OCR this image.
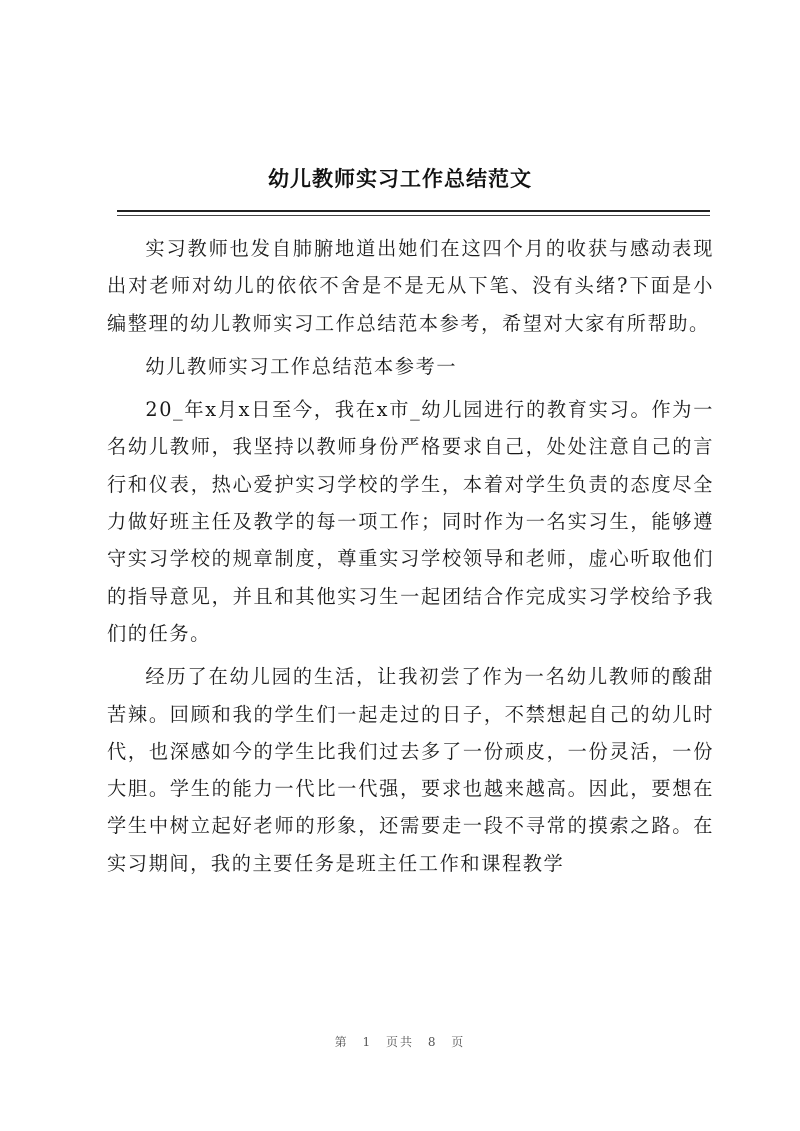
幼儿教师实习工作总结范文

实习教师也发自肺腑地道出她们在这四个月的收获与感动表现出对老师对幼儿的依依不舍是不是无从下笔、没有头绪?下面是小编整理的幼儿教师实习工作总结范本参考，希望对大家有所帮助。

幼儿教师实习工作总结范本参考一

20_年x月x日至今，我在x市_幼儿园进行的教育实习。作为一名幼儿教师，我坚持以教师身份严格要求自己，处处注意自己的言行和仪表，热心爱护实习学校的学生，本着对学生负责的态度尽全力做好班主任及教学的每一项工作；同时作为一名实习生，能够遵守实习学校的规章制度，尊重实习学校领导和老师，虚心听取他们的指导意见，并且和其他实习生一起团结合作完成实习学校给予我们的任务。

经历了在幼儿园的生活，让我初尝了作为一名幼儿教师的酸甜苦辣。回顾和我的学生们一起走过的日子，不禁想起自己的幼儿时代，也深感如今的学生比我们过去多了一份顽皮，一份灵活，一份大胆。学生的能力一代比一代强，要求也越来越高。因此，要想在学生中树立起好老师的形象，还需要走一段不寻常的摸索之路。在实习期间，我的主要任务是班主任工作和课程教学

第 1 页共 8 页
